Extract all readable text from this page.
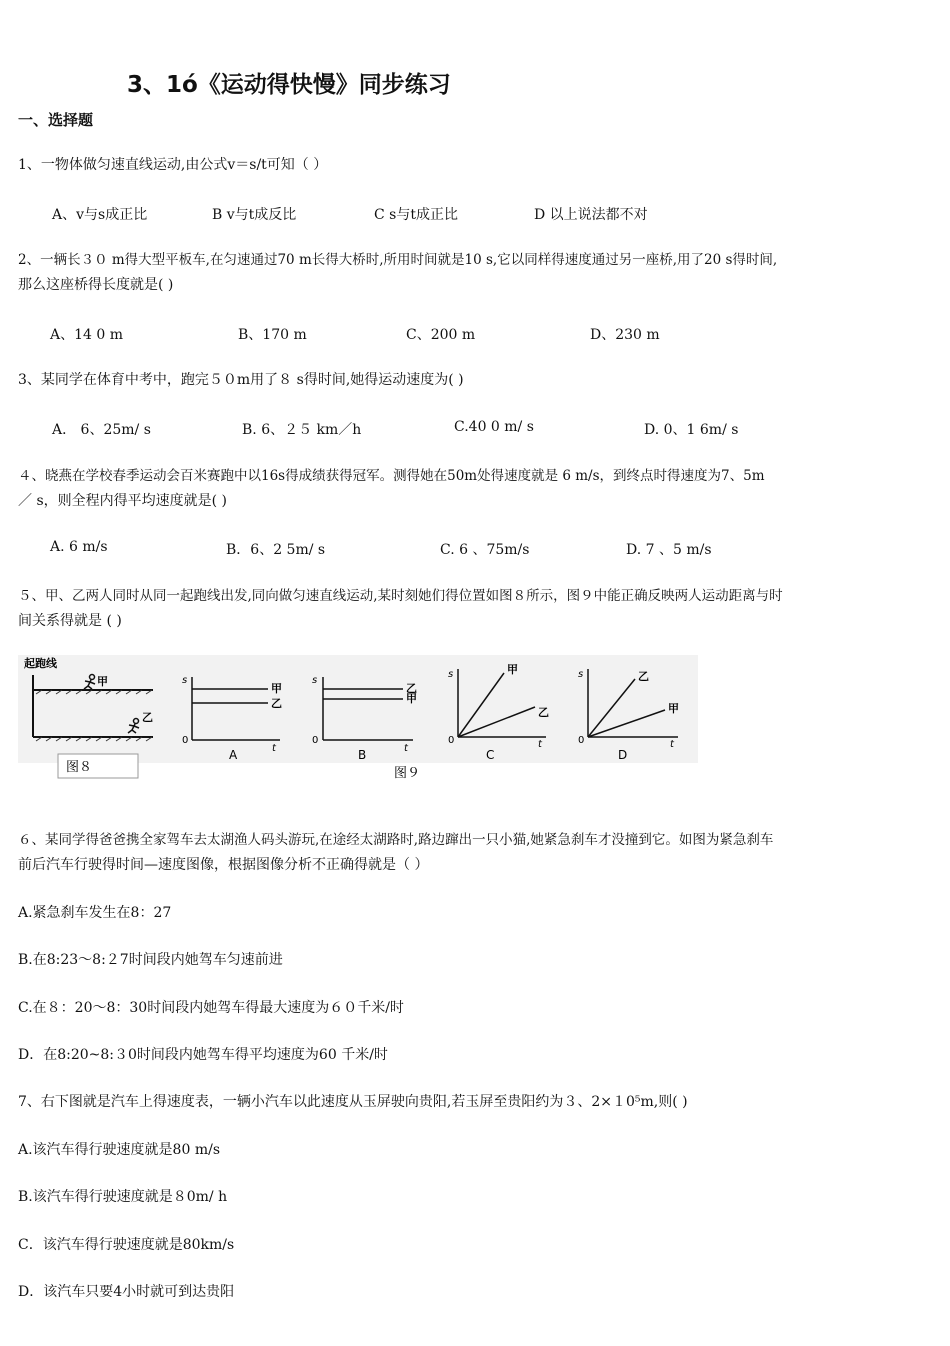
3、1ó《运动得快慢》同步练习
一、选择题
1、一物体做匀速直线运动,由公式v＝s/t可知（ ）
A、v与s成正比	B v与t成反比	C s与t成正比	D 以上说法都不对
2、一辆长３０ m得大型平板车,在匀速通过70 m长得大桥时,所用时间就是10 s,它以同样得速度通过另一座桥,用了20 s得时间,
那么这座桥得长度就是( )
A、14 0 m	B、170 m	C、200 m	D、230 m
3、某同学在体育中考中，跑完５０m用了８ s得时间,她得运动速度为( )
A． 6、25m/ s	B. 6、２５ km／h	C.40 0 m/ s	D. 0、1 6m/ s
４、晓燕在学校春季运动会百米赛跑中以16s得成绩获得冠军。测得她在50m处得速度就是 6 m/s，到终点时得速度为7、5m
／ s，则全程内得平均速度就是( )
A. 6 m/s	B．6、2 5m/ s	C. 6 、75m/s	D. 7 、5 m/s
５、甲、乙两人同时从同一起跑线出发,同向做匀速直线运动,某时刻她们得位置如图８所示，图９中能正确反映两人运动距离与时
间关系得就是 ( )
起跑线
甲
乙
s
0
t
甲
乙
A
s
0
t
乙
甲
B
s
0	t
甲
乙
C
s
0	t
乙
甲
D
图８	图９
６、某同学得爸爸携全家驾车去太湖渔人码头游玩,在途经太湖路时,路边蹿出一只小猫,她紧急刹车才没撞到它。如图为紧急刹车
前后汽车行驶得时间—速度图像，根据图像分析不正确得就是（ ）
A.紧急刹车发生在8：27
B.在8:23～8:２7时间段内她驾车匀速前进
C.在８：20～8：30时间段内她驾车得最大速度为６０千米/时
D．在8:20~8:３0时间段内她驾车得平均速度为60 千米/时
7、右下图就是汽车上得速度表，一辆小汽车以此速度从玉屏驶向贵阳,若玉屏至贵阳约为３、2×１0⁵m,则( )
A.该汽车得行驶速度就是80 m/s
B.该汽车得行驶速度就是８0m/ h
C．该汽车得行驶速度就是80km/s
D．该汽车只要4小时就可到达贵阳
